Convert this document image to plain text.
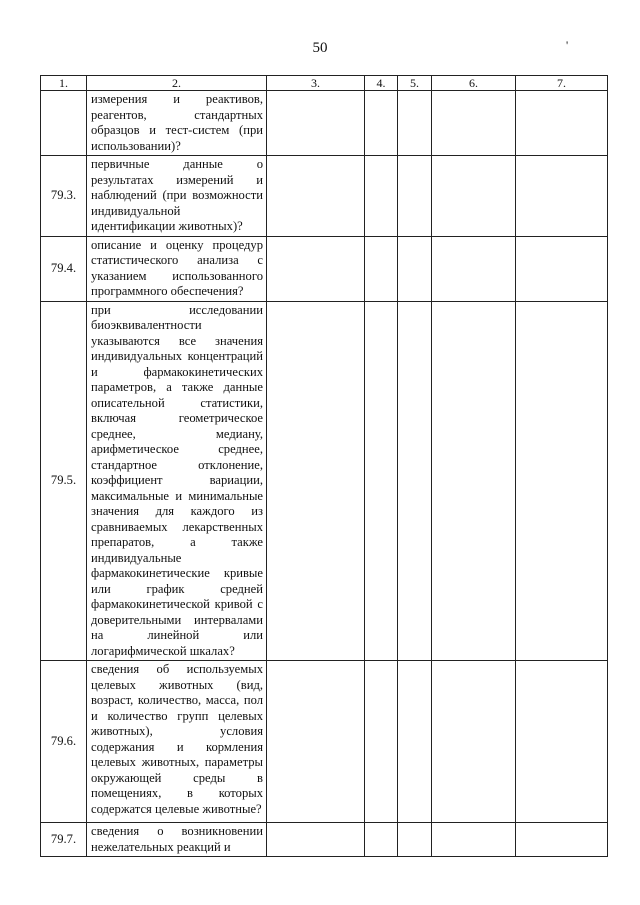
50	'
1.	2.	3.	4.	5.	6.	7.
	измерения и реактивов, реагентов, стандартных образцов и тест-систем (при использовании)?					
79.3.	первичные данные о результатах измерений и наблюдений (при возможности индивидуальной идентификации животных)?					
79.4.	описание и оценку процедур статистического анализа с указанием использованного программного обеспечения?					
79.5.	при исследовании биоэквивалентности указываются все значения индивидуальных концентраций и фармакокинетических параметров, а также данные описательной статистики, включая геометрическое среднее, медиану, арифметическое среднее, стандартное отклонение, коэффициент вариации, максимальные и минимальные значения для каждого из сравниваемых лекарственных препаратов, а также индивидуальные фармакокинетические кривые или график средней фармакокинетической кривой с доверительными интервалами на линейной или логарифмической шкалах?					
79.6.	сведения об используемых целевых животных (вид, возраст, количество, масса, пол и количество групп целевых животных), условия содержания и кормления целевых животных, параметры окружающей среды в помещениях, в которых содержатся целевые животные?					
79.7.	сведения о возникновении нежелательных реакций и					
